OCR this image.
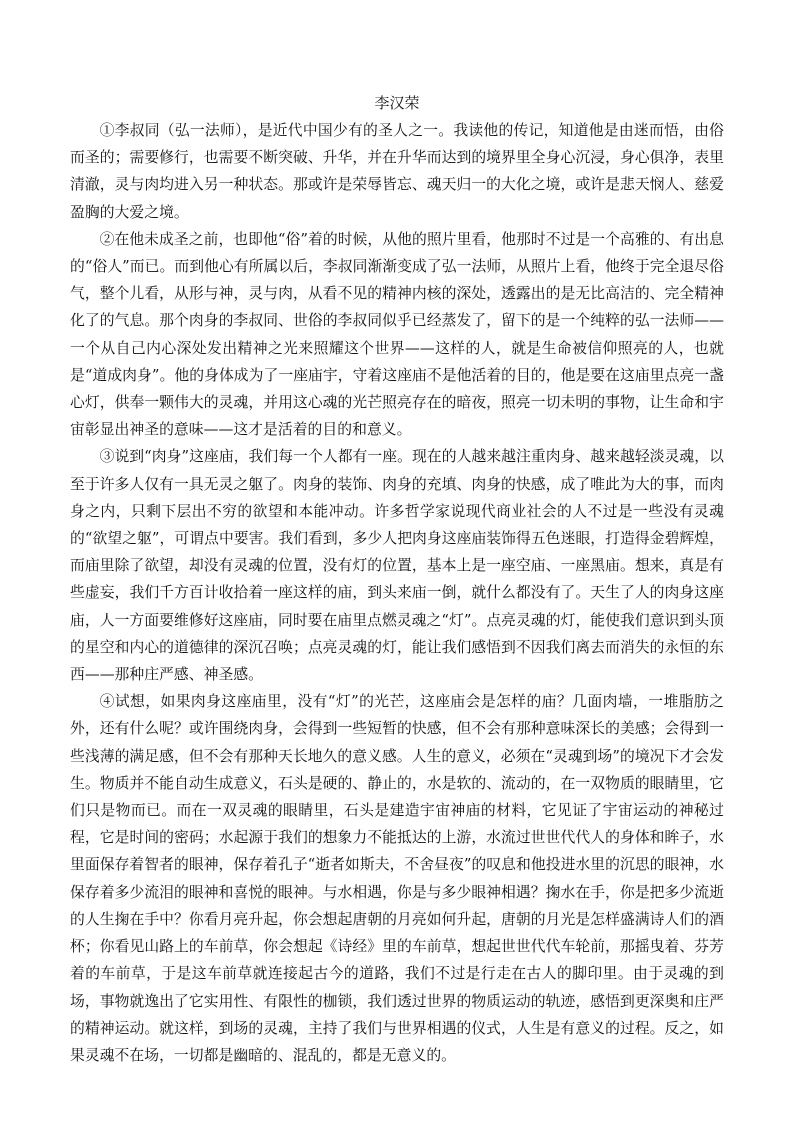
李汉荣

①李叔同（弘一法师），是近代中国少有的圣人之一。我读他的传记，知道他是由迷而悟，由俗而圣的；需要修行，也需要不断突破、升华，并在升华而达到的境界里全身心沉浸，身心俱净，表里清澈，灵与肉均进入另一种状态。那或许是荣辱皆忘、魂天归一的大化之境，或许是悲天悯人、慈爱盈胸的大爱之境。

②在他未成圣之前，也即他“俗”着的时候，从他的照片里看，他那时不过是一个高雅的、有出息的“俗人”而已。而到他心有所属以后，李叔同渐渐变成了弘一法师，从照片上看，他终于完全退尽俗气，整个儿看，从形与神，灵与肉，从看不见的精神内核的深处，透露出的是无比高洁的、完全精神化了的气息。那个肉身的李叔同、世俗的李叔同似乎已经蒸发了，留下的是一个纯粹的弘一法师——一个从自己内心深处发出精神之光来照耀这个世界——这样的人，就是生命被信仰照亮的人，也就是“道成肉身”。他的身体成为了一座庙宇，守着这座庙不是他活着的目的，他是要在这庙里点亮一盏心灯，供奉一颗伟大的灵魂，并用这心魂的光芒照亮存在的暗夜，照亮一切未明的事物，让生命和宇宙彰显出神圣的意味——这才是活着的目的和意义。

③说到“肉身”这座庙，我们每一个人都有一座。现在的人越来越注重肉身、越来越轻淡灵魂，以至于许多人仅有一具无灵之躯了。肉身的装饰、肉身的充填、肉身的快感，成了唯此为大的事，而肉身之内，只剩下层出不穷的欲望和本能冲动。许多哲学家说现代商业社会的人不过是一些没有灵魂的“欲望之躯”，可谓点中要害。我们看到，多少人把肉身这座庙装饰得五色迷眼，打造得金碧辉煌，而庙里除了欲望，却没有灵魂的位置，没有灯的位置，基本上是一座空庙、一座黑庙。想来，真是有些虚妄，我们千方百计收拾着一座这样的庙，到头来庙一倒，就什么都没有了。天生了人的肉身这座庙，人一方面要维修好这座庙，同时要在庙里点燃灵魂之“灯”。点亮灵魂的灯，能使我们意识到头顶的星空和内心的道德律的深沉召唤；点亮灵魂的灯，能让我们感悟到不因我们离去而消失的永恒的东西——那种庄严感、神圣感。

④试想，如果肉身这座庙里，没有“灯”的光芒，这座庙会是怎样的庙？几面肉墙，一堆脂肪之外，还有什么呢？或许围绕肉身，会得到一些短暂的快感，但不会有那种意味深长的美感；会得到一些浅薄的满足感，但不会有那种天长地久的意义感。人生的意义，必须在“灵魂到场”的境况下才会发生。物质并不能自动生成意义，石头是硬的、静止的，水是软的、流动的，在一双物质的眼睛里，它们只是物而已。而在一双灵魂的眼睛里，石头是建造宇宙神庙的材料，它见证了宇宙运动的神秘过程，它是时间的密码；水起源于我们的想象力不能抵达的上游，水流过世世代代人的身体和眸子，水里面保存着智者的眼神，保存着孔子“逝者如斯夫，不舍昼夜”的叹息和他投进水里的沉思的眼神，水保存着多少流泪的眼神和喜悦的眼神。与水相遇，你是与多少眼神相遇？掬水在手，你是把多少流逝的人生掬在手中？你看月亮升起，你会想起唐朝的月亮如何升起，唐朝的月光是怎样盛满诗人们的酒杯；你看见山路上的车前草，你会想起《诗经》里的车前草，想起世世代代车轮前，那摇曳着、芬芳着的车前草，于是这车前草就连接起古今的道路，我们不过是行走在古人的脚印里。由于灵魂的到场，事物就逸出了它实用性、有限性的枷锁，我们透过世界的物质运动的轨迹，感悟到更深奥和庄严的精神运动。就这样，到场的灵魂，主持了我们与世界相遇的仪式，人生是有意义的过程。反之，如果灵魂不在场，一切都是幽暗的、混乱的，都是无意义的。
